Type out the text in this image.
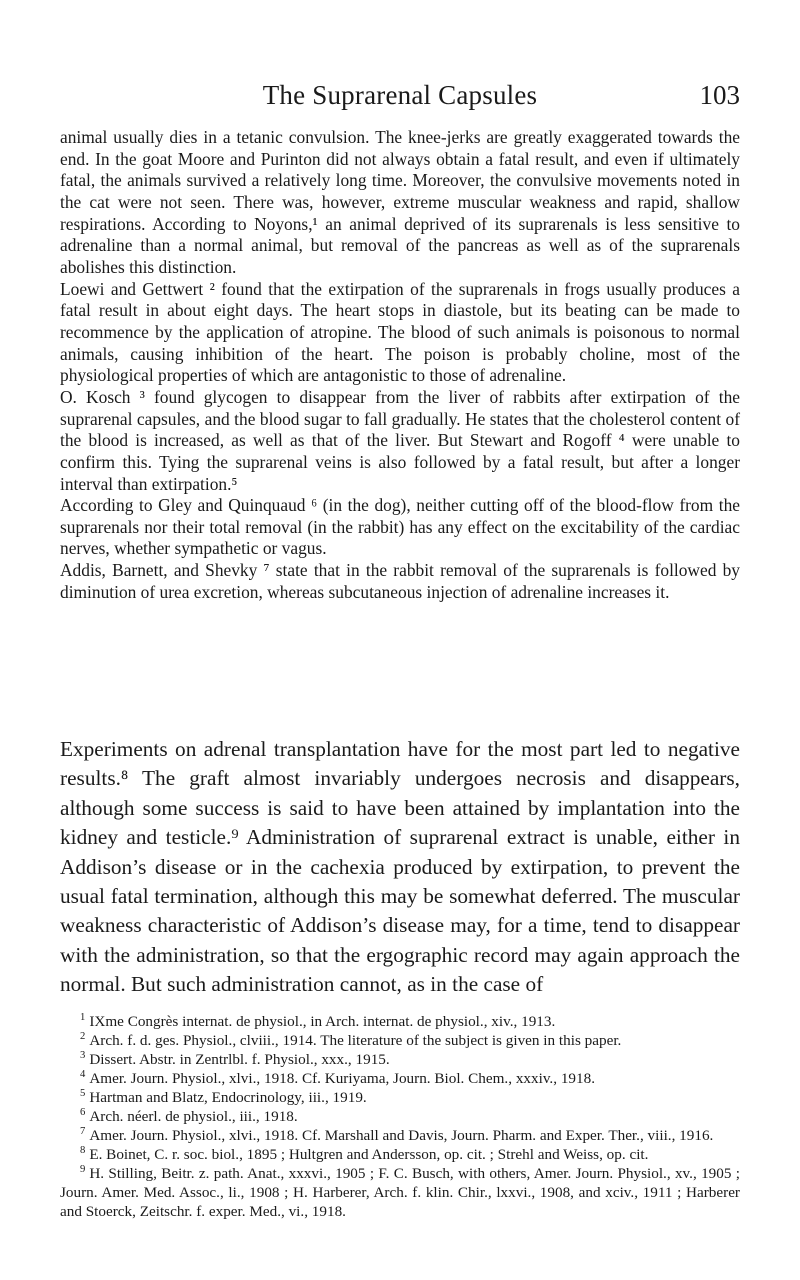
The Suprarenal Capsules	103

animal usually dies in a tetanic convulsion. The knee-jerks are greatly exaggerated towards the end. In the goat Moore and Purinton did not always obtain a fatal result, and even if ultimately fatal, the animals survived a relatively long time. Moreover, the convulsive movements noted in the cat were not seen. There was, however, extreme muscular weakness and rapid, shallow respirations. According to Noyons,¹ an animal deprived of its suprarenals is less sensitive to adrenaline than a normal animal, but removal of the pancreas as well as of the suprarenals abolishes this distinction.

Loewi and Gettwert ² found that the extirpation of the suprarenals in frogs usually produces a fatal result in about eight days. The heart stops in diastole, but its beating can be made to recommence by the application of atropine. The blood of such animals is poisonous to normal animals, causing inhibition of the heart. The poison is probably choline, most of the physiological properties of which are antagonistic to those of adrenaline.

O. Kosch ³ found glycogen to disappear from the liver of rabbits after extirpation of the suprarenal capsules, and the blood sugar to fall gradually. He states that the cholesterol content of the blood is increased, as well as that of the liver. But Stewart and Rogoff ⁴ were unable to confirm this. Tying the suprarenal veins is also followed by a fatal result, but after a longer interval than extirpation.⁵

According to Gley and Quinquaud ⁶ (in the dog), neither cutting off of the blood-flow from the suprarenals nor their total removal (in the rabbit) has any effect on the excitability of the cardiac nerves, whether sympathetic or vagus.

Addis, Barnett, and Shevky ⁷ state that in the rabbit removal of the suprarenals is followed by diminution of urea excretion, whereas subcutaneous injection of adrenaline increases it.

Experiments on adrenal transplantation have for the most part led to negative results.⁸ The graft almost invariably undergoes necrosis and disappears, although some success is said to have been attained by implantation into the kidney and testicle.⁹ Administration of suprarenal extract is unable, either in Addison’s disease or in the cachexia produced by extirpation, to prevent the usual fatal termination, although this may be somewhat deferred. The muscular weakness characteristic of Addison’s disease may, for a time, tend to disappear with the administration, so that the ergographic record may again approach the normal. But such administration cannot, as in the case of

$^1$ IXme Congrès internat. de physiol., in Arch. internat. de physiol., xiv., 1913.

$^2$ Arch. f. d. ges. Physiol., clviii., 1914. The literature of the subject is given in this paper.

$^3$ Dissert. Abstr. in Zentrlbl. f. Physiol., xxx., 1915.

$^4$ Amer. Journ. Physiol., xlvi., 1918. Cf. Kuriyama, Journ. Biol. Chem., xxxiv., 1918.

$^5$ Hartman and Blatz, Endocrinology, iii., 1919.

$^6$ Arch. néerl. de physiol., iii., 1918.

$^7$ Amer. Journ. Physiol., xlvi., 1918. Cf. Marshall and Davis, Journ. Pharm. and Exper. Ther., viii., 1916.

$^8$ E. Boinet, C. r. soc. biol., 1895 ; Hultgren and Andersson, op. cit. ; Strehl and Weiss, op. cit.

$^9$ H. Stilling, Beitr. z. path. Anat., xxxvi., 1905 ; F. C. Busch, with others, Amer. Journ. Physiol., xv., 1905 ; Journ. Amer. Med. Assoc., li., 1908 ; H. Harberer, Arch. f. klin. Chir., lxxvi., 1908, and xciv., 1911 ; Harberer and Stoerck, Zeitschr. f. exper. Med., vi., 1918.
